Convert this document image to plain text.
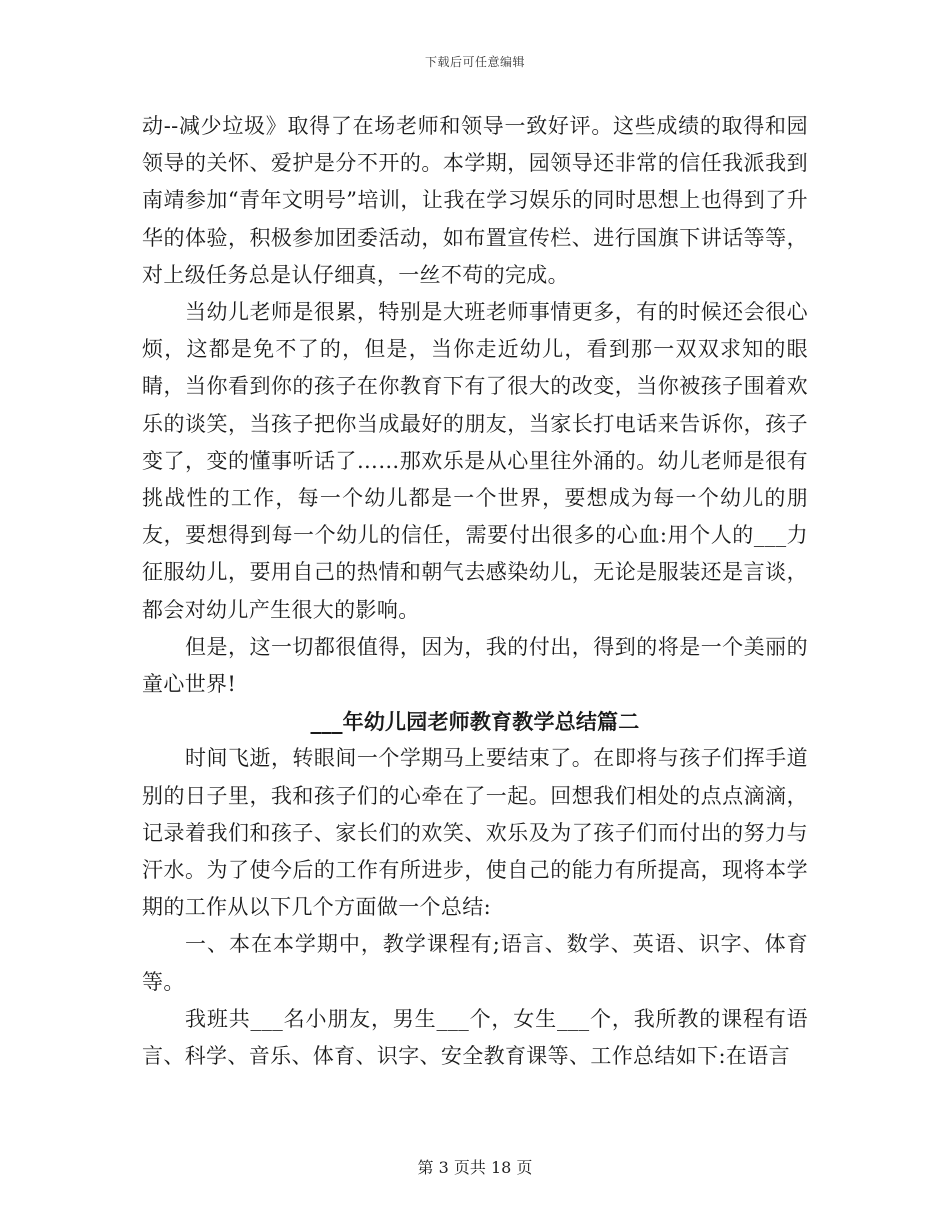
下载后可任意编辑

动--减少垃圾》取得了在场老师和领导一致好评。这些成绩的取得和园领导的关怀、爱护是分不开的。本学期，园领导还非常的信任我派我到南靖参加“青年文明号”培训，让我在学习娱乐的同时思想上也得到了升华的体验，积极参加团委活动，如布置宣传栏、进行国旗下讲话等等，对上级任务总是认仔细真，一丝不苟的完成。

当幼儿老师是很累，特别是大班老师事情更多，有的时候还会很心烦，这都是免不了的，但是，当你走近幼儿，看到那一双双求知的眼睛，当你看到你的孩子在你教育下有了很大的改变，当你被孩子围着欢乐的谈笑，当孩子把你当成最好的朋友，当家长打电话来告诉你，孩子变了，变的懂事听话了……那欢乐是从心里往外涌的。幼儿老师是很有挑战性的工作，每一个幼儿都是一个世界，要想成为每一个幼儿的朋友，要想得到每一个幼儿的信任，需要付出很多的心血:用个人的___力征服幼儿，要用自己的热情和朝气去感染幼儿，无论是服装还是言谈，都会对幼儿产生很大的影响。

但是，这一切都很值得，因为，我的付出，得到的将是一个美丽的童心世界!

___年幼儿园老师教育教学总结篇二

时间飞逝，转眼间一个学期马上要结束了。在即将与孩子们挥手道别的日子里，我和孩子们的心牵在了一起。回想我们相处的点点滴滴，记录着我们和孩子、家长们的欢笑、欢乐及为了孩子们而付出的努力与汗水。为了使今后的工作有所进步，使自己的能力有所提高，现将本学期的工作从以下几个方面做一个总结:

一、本在本学期中，教学课程有;语言、数学、英语、识字、体育等。

我班共___名小朋友，男生___个，女生___个，我所教的课程有语言、科学、音乐、体育、识字、安全教育课等、工作总结如下:在语言

第 3 页共 18 页
